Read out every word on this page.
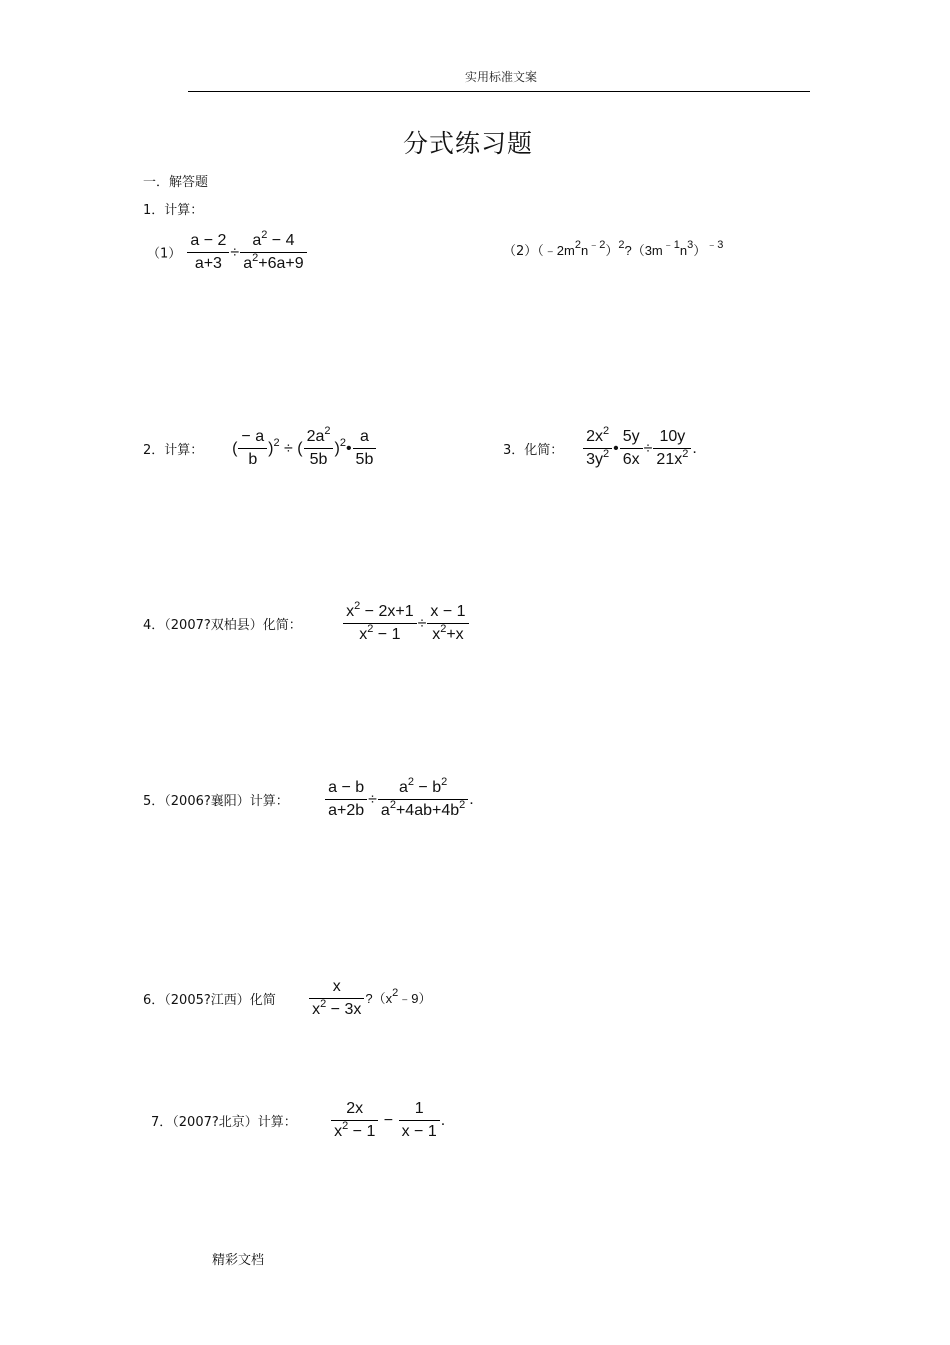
实用标准文案
分式练习题
一．解答题
1．计算：
$(1) \frac{a - 2}{a+3} \div \frac{a^2 - 4}{a^2+6a+9}$	$(2)(﹣2m^2n^{﹣2})^2?(3m^{﹣1}n^3)^{﹣3}$
2．计算： ( $\frac{- a}{b} )^2$ ÷ ( $\frac{2a^2}{5b}$ )$^2$• $\frac{a}{5b}$	3．化简： $\frac{2x^2}{3y^2}$ • $\frac{5y}{6x} \div \frac{10y}{21x^2}$ .
4．（2007?双柏县）化简：	$\frac{x^2 - 2x+1}{x^2 - 1} \div \frac{x - 1}{x^2+x}$
5．（2006?襄阳）计算： $\frac{a - b}{a+2b} \div \frac{a^2 - b^2}{a^2+4ab+4b^2}$ .
6．（2005?江西）化简 $\frac{x}{x^2 - 3x}$ $?(x^2﹣9)$
7．（2007?北京）计算： $\frac{2x}{x^2 - 1} - \frac{1}{x - 1}$ .
精彩文档
